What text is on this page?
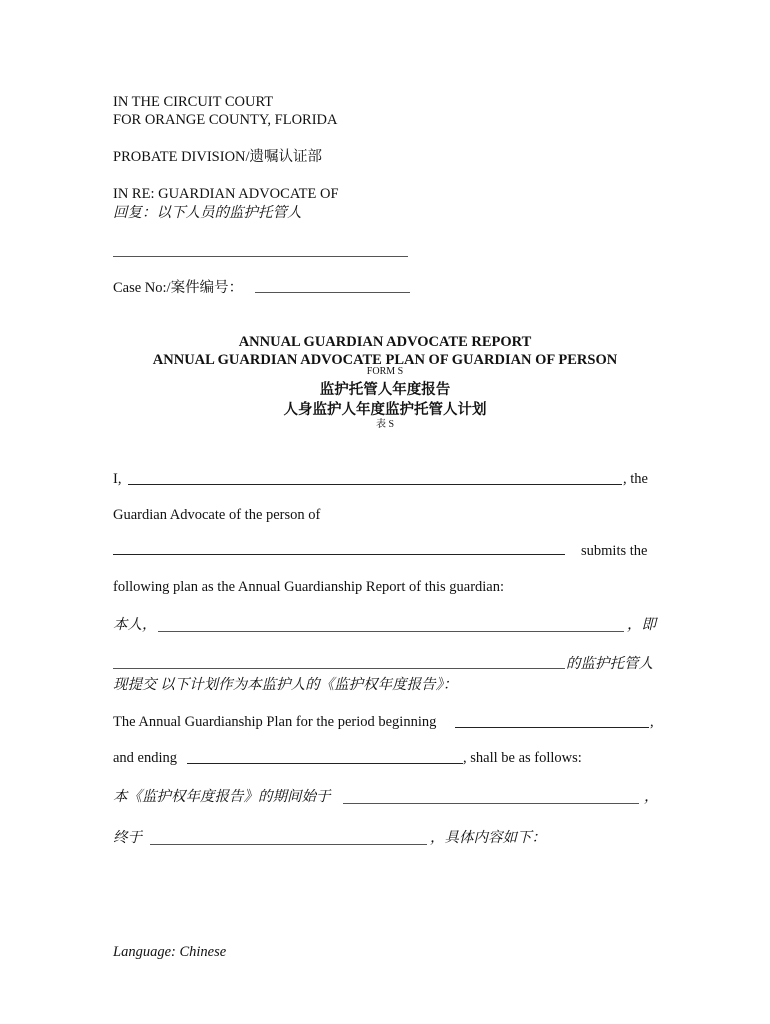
IN THE CIRCUIT COURT
FOR ORANGE COUNTY, FLORIDA
PROBATE DIVISION/遗嘱认证部
IN RE: GUARDIAN ADVOCATE OF
回复：以下人员的监护托管人
Case No:/案件编号：
ANNUAL GUARDIAN ADVOCATE REPORT
ANNUAL GUARDIAN ADVOCATE PLAN OF GUARDIAN OF PERSON
FORM S
监护托管人年度报告
人身监护人年度监护托管人计划
表 S
I,	, the
Guardian Advocate of the person of
submits the
following plan as the Annual Guardianship Report of this guardian:
本人，	，即
的监护托管人
现提交 以下计划作为本监护人的《监护权年度报告》：
The Annual Guardianship Plan for the period beginning	,
and ending	, shall be as follows:
本《监护权年度报告》的期间始于	，
终于	，具体内容如下：
Language: Chinese
